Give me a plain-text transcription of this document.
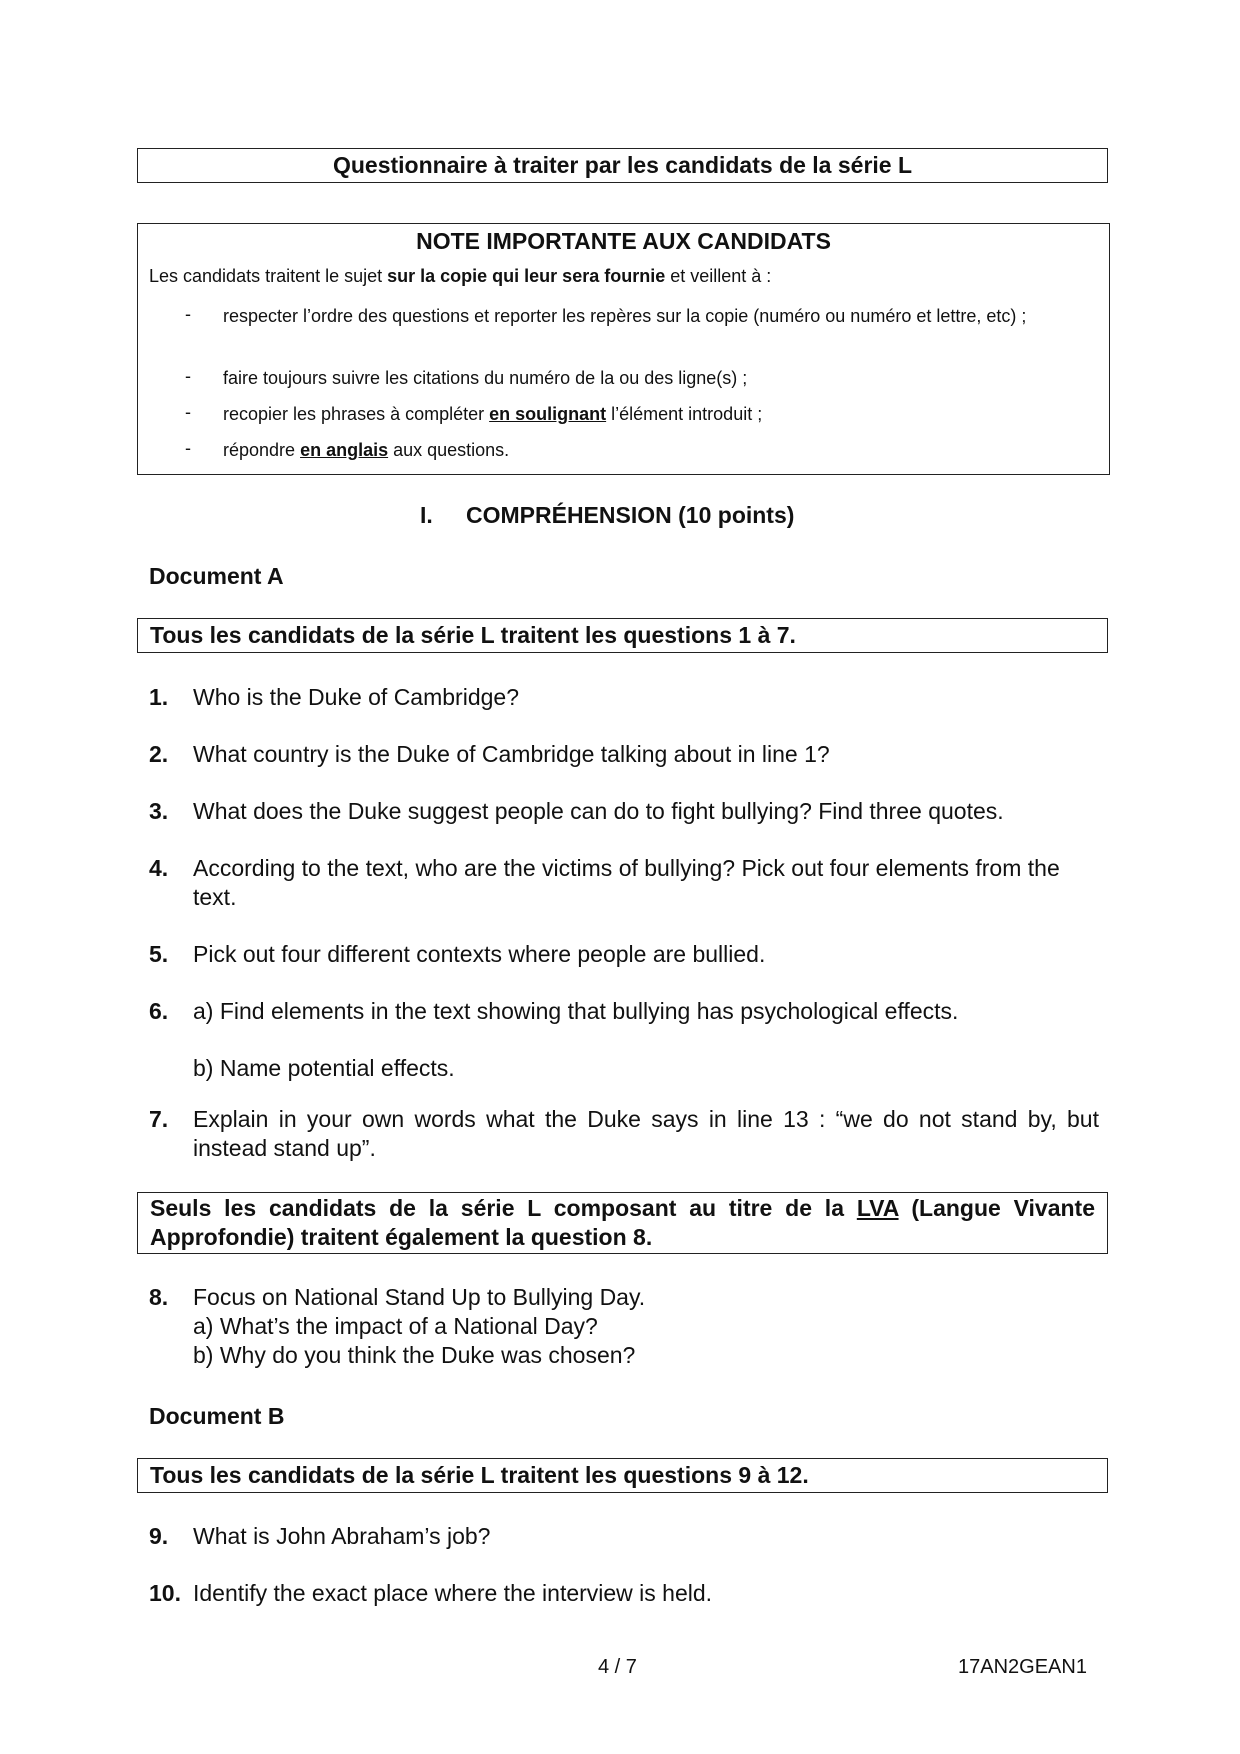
Questionnaire à traiter par les candidats de la série L
NOTE IMPORTANTE AUX CANDIDATS
Les candidats traitent le sujet sur la copie qui leur sera fournie et veillent à :
- respecter l’ordre des questions et reporter les repères sur la copie (numéro ou numéro et lettre, etc) ;
- faire toujours suivre les citations du numéro de la ou des ligne(s) ;
- recopier les phrases à compléter en soulignant l’élément introduit ;
- répondre en anglais aux questions.
I. COMPRÉHENSION (10 points)
Document A
Tous les candidats de la série L traitent les questions 1 à 7.
1. Who is the Duke of Cambridge?
2. What country is the Duke of Cambridge talking about in line 1?
3. What does the Duke suggest people can do to fight bullying? Find three quotes.
4. According to the text, who are the victims of bullying? Pick out four elements from the text.
5. Pick out four different contexts where people are bullied.
6. a) Find elements in the text showing that bullying has psychological effects.
b) Name potential effects.
7. Explain in your own words what the Duke says in line 13 : “we do not stand by, but instead stand up”.
Seuls les candidats de la série L composant au titre de la LVA (Langue Vivante Approfondie) traitent également la question 8.
8. Focus on National Stand Up to Bullying Day.
a) What’s the impact of a National Day?
b) Why do you think the Duke was chosen?
Document B
Tous les candidats de la série L traitent les questions 9 à 12.
9. What is John Abraham’s job?
10. Identify the exact place where the interview is held.
4 / 7	17AN2GEAN1
